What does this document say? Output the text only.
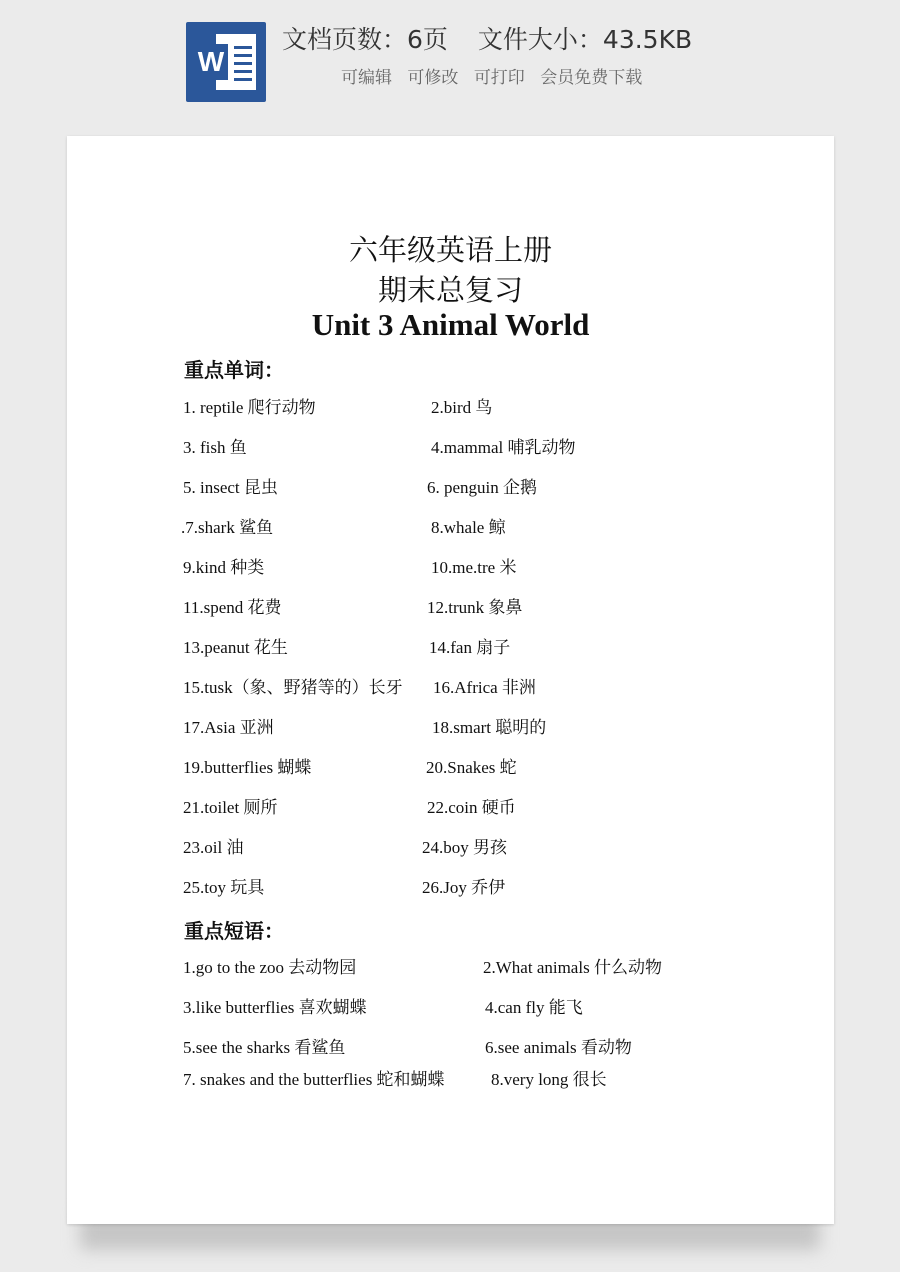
W
文档页数：6页 文件大小：43.5KB
可编辑 可修改 可打印 会员免费下载
六年级英语上册
期末总复习
Unit 3 Animal World
重点单词：
1. reptile 爬行动物	2.bird 鸟
3. fish 鱼	4.mammal 哺乳动物
5. insect 昆虫	6. penguin 企鹅
.7.shark 鲨鱼	8.whale 鲸
9.kind 种类	10.me.tre 米
11.spend 花费	12.trunk 象鼻
13.peanut 花生	14.fan 扇子
15.tusk（象、野猪等的）长牙 16.Africa 非洲
17.Asia 亚洲	18.smart 聪明的
19.butterflies 蝴蝶	20.Snakes 蛇
21.toilet 厕所	22.coin 硬币
23.oil 油	24.boy 男孩
25.toy 玩具	26.Joy 乔伊
重点短语：
1.go to the zoo 去动物园	2.What animals 什么动物
3.like butterflies 喜欢蝴蝶	4.can fly 能飞
5.see the sharks 看鲨鱼	6.see animals 看动物
7. snakes and the butterflies 蛇和蝴蝶	8.very long 很长
